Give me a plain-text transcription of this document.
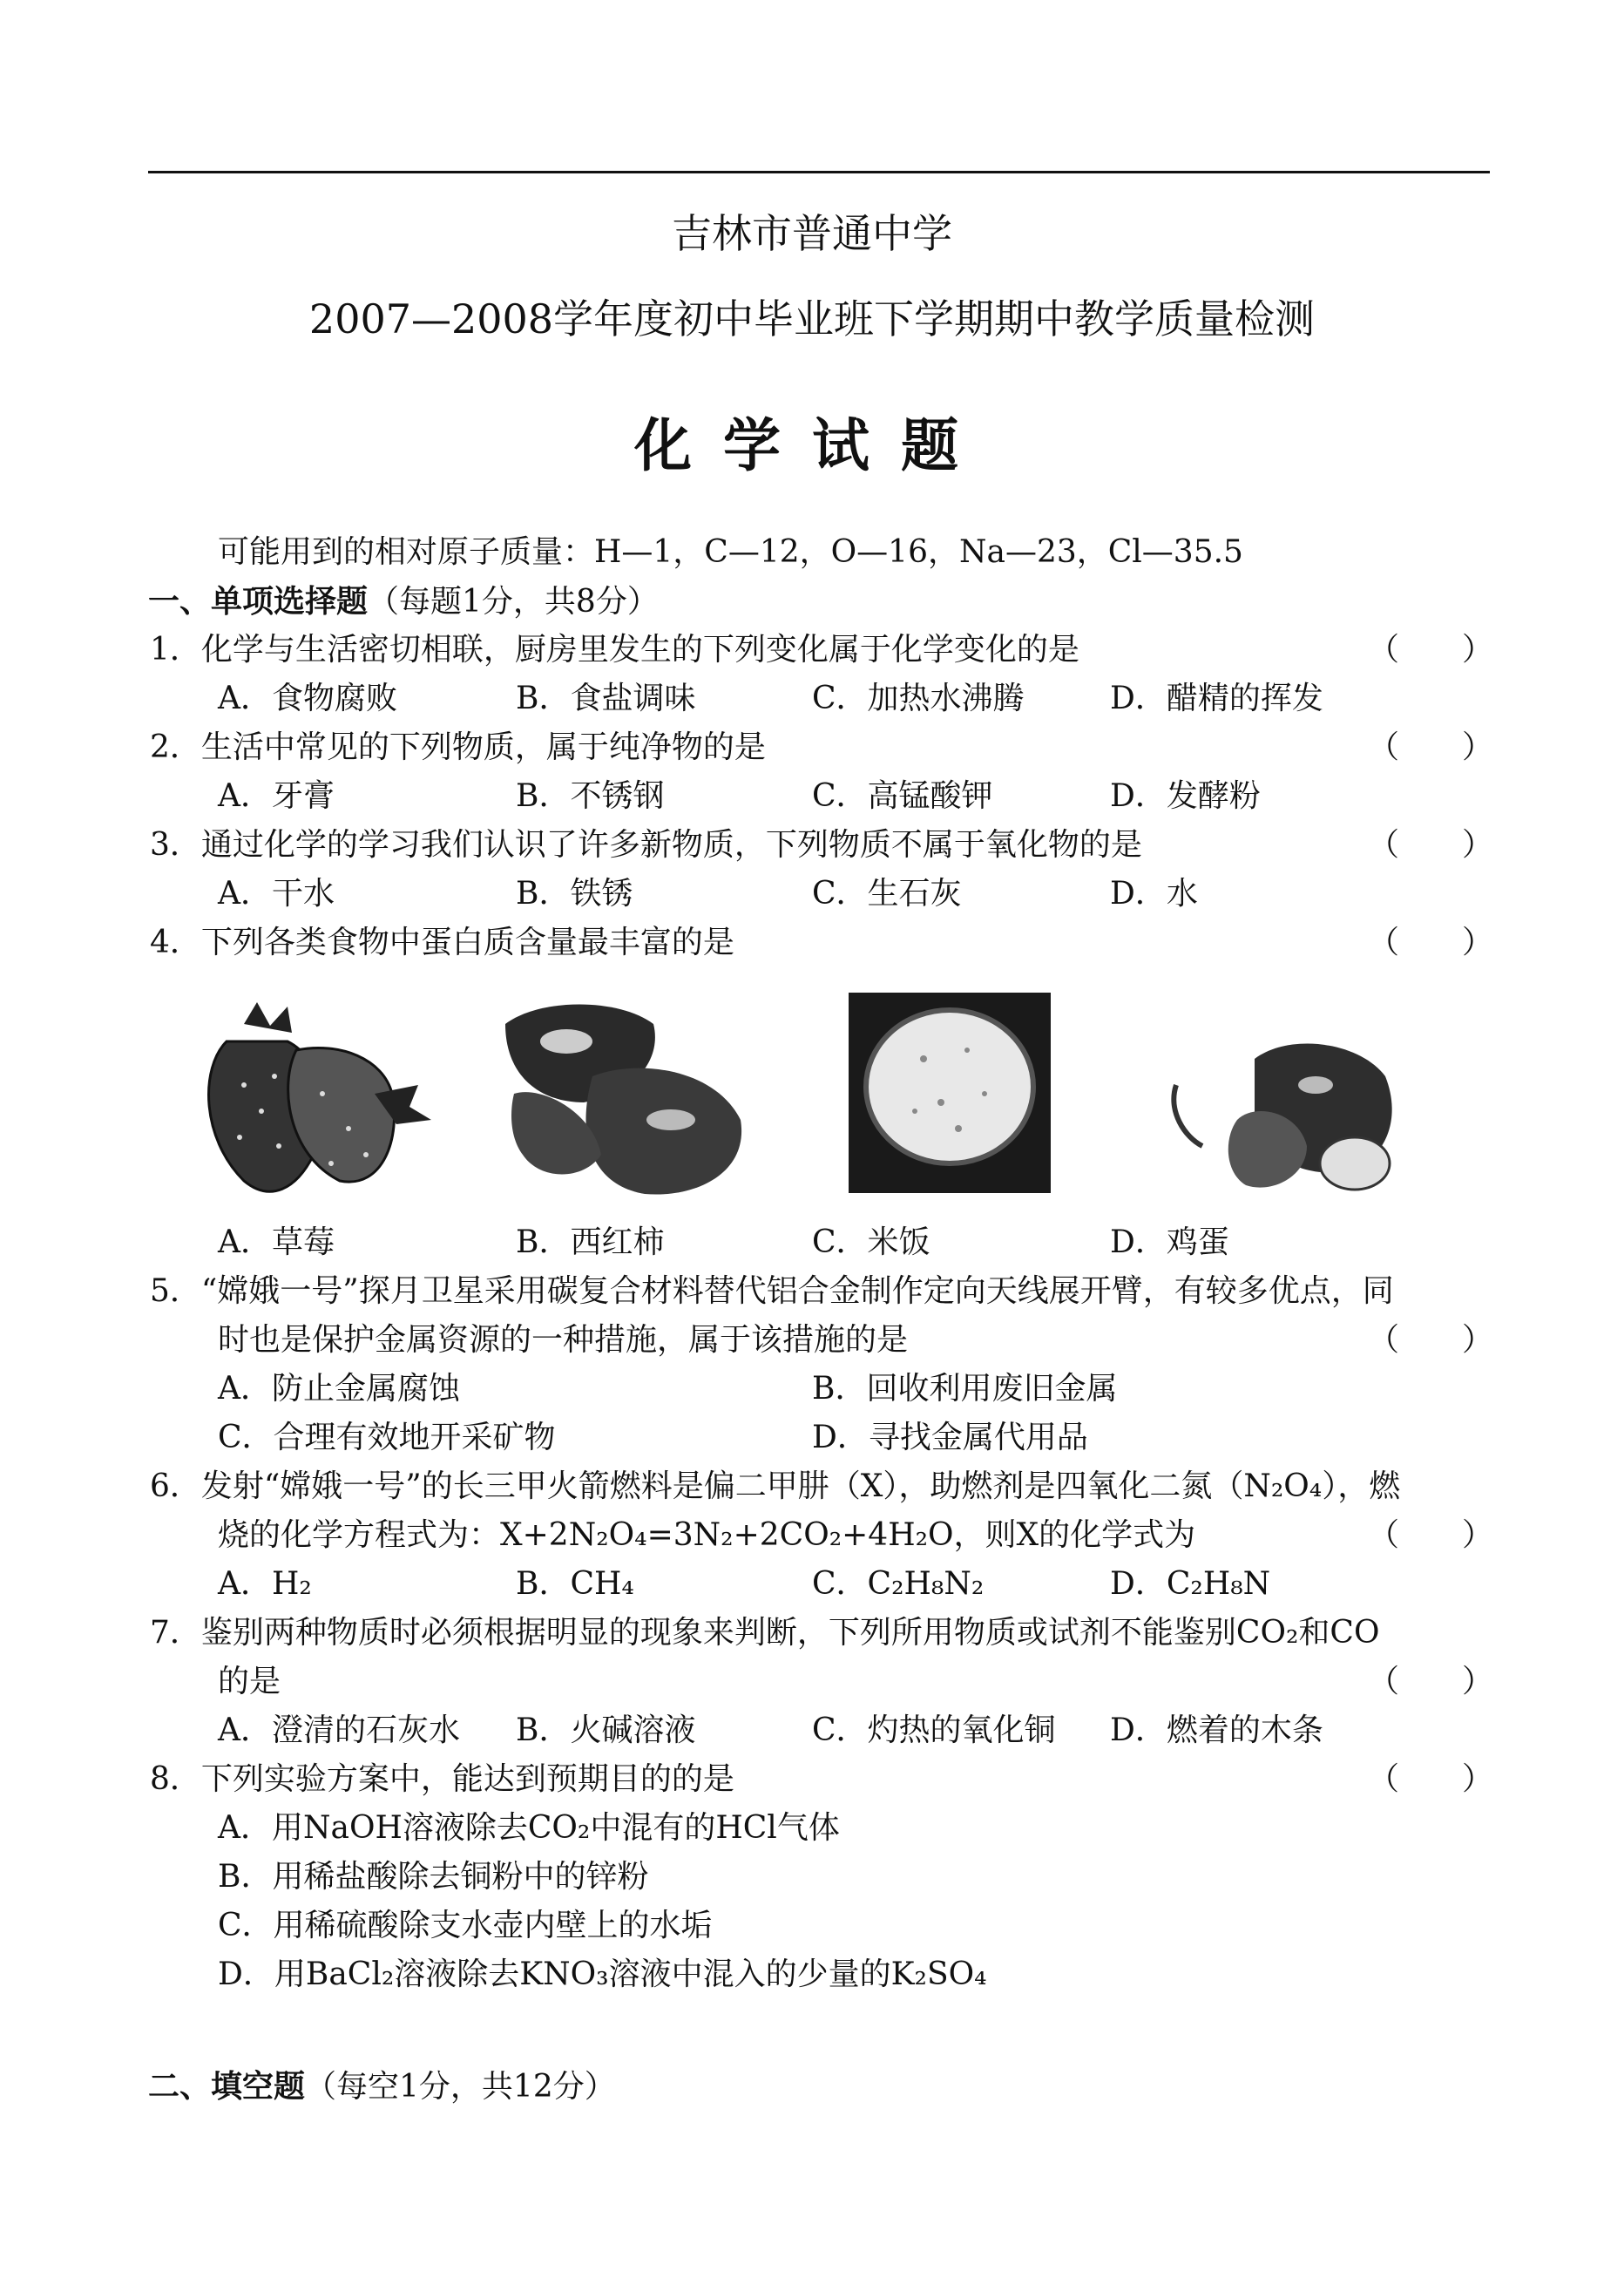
吉林市普通中学
2007—2008学年度初中毕业班下学期期中教学质量检测
化学试题
可能用到的相对原子质量：H—1，C—12，O—16，Na—23，Cl—35.5
一、单项选择题（每题1分，共8分）
1．化学与生活密切相联，厨房里发生的下列变化属于化学变化的是	（　　）
A．食物腐败	B．食盐调味	C．加热水沸腾	D．醋精的挥发
2．生活中常见的下列物质，属于纯净物的是	（　　）
A．牙膏	B．不锈钢	C．高锰酸钾	D．发酵粉
3．通过化学的学习我们认识了许多新物质，下列物质不属于氧化物的是	（　　）
A．干水	B．铁锈	C．生石灰	D．水
4．下列各类食物中蛋白质含量最丰富的是	（　　）
A．草莓	B．西红柿	C．米饭	D．鸡蛋
5．“嫦娥一号”探月卫星采用碳复合材料替代铝合金制作定向天线展开臂，有较多优点，同
时也是保护金属资源的一种措施，属于该措施的是	（　　）
A．防止金属腐蚀	B．回收利用废旧金属
C．合理有效地开采矿物	D．寻找金属代用品
6．发射“嫦娥一号”的长三甲火箭燃料是偏二甲肼（X），助燃剂是四氧化二氮（N₂O₄），燃
烧的化学方程式为：X+2N₂O₄=3N₂+2CO₂+4H₂O，则X的化学式为	（　　）
A．H₂	B．CH₄	C．C₂H₈N₂	D．C₂H₈N
7．鉴别两种物质时必须根据明显的现象来判断，下列所用物质或试剂不能鉴别CO₂和CO
的是	（　　）
A．澄清的石灰水 B．火碱溶液	C．灼热的氧化铜 D．燃着的木条
8．下列实验方案中，能达到预期目的的是	（　　）
A．用NaOH溶液除去CO₂中混有的HCl气体
B．用稀盐酸除去铜粉中的锌粉
C．用稀硫酸除支水壶内壁上的水垢
D．用BaCl₂溶液除去KNO₃溶液中混入的少量的K₂SO₄
二、填空题（每空1分，共12分）
